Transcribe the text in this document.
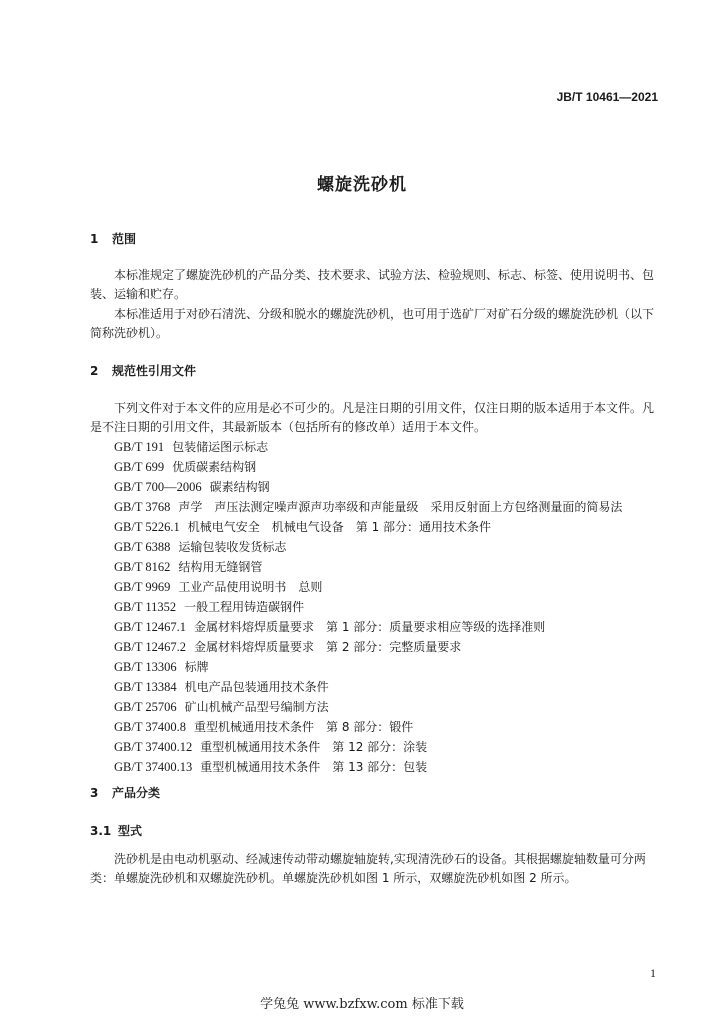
JB/T 10461—2021
螺旋洗砂机
1 范围
本标准规定了螺旋洗砂机的产品分类、技术要求、试验方法、检验规则、标志、标签、使用说明书、包装、运输和贮存。
本标准适用于对砂石清洗、分级和脱水的螺旋洗砂机，也可用于选矿厂对矿石分级的螺旋洗砂机（以下简称洗砂机）。
2 规范性引用文件
下列文件对于本文件的应用是必不可少的。凡是注日期的引用文件，仅注日期的版本适用于本文件。凡是不注日期的引用文件，其最新版本（包括所有的修改单）适用于本文件。
GB/T 191 包装储运图示标志
GB/T 699 优质碳素结构钢
GB/T 700—2006 碳素结构钢
GB/T 3768 声学　声压法测定噪声源声功率级和声能量级　采用反射面上方包络测量面的简易法
GB/T 5226.1 机械电气安全　机械电气设备　第 1 部分：通用技术条件
GB/T 6388 运输包装收发货标志
GB/T 8162 结构用无缝钢管
GB/T 9969 工业产品使用说明书　总则
GB/T 11352 一般工程用铸造碳钢件
GB/T 12467.1 金属材料熔焊质量要求　第 1 部分：质量要求相应等级的选择准则
GB/T 12467.2 金属材料熔焊质量要求　第 2 部分：完整质量要求
GB/T 13306 标牌
GB/T 13384 机电产品包装通用技术条件
GB/T 25706 矿山机械产品型号编制方法
GB/T 37400.8 重型机械通用技术条件　第 8 部分：锻件
GB/T 37400.12 重型机械通用技术条件　第 12 部分：涂装
GB/T 37400.13 重型机械通用技术条件　第 13 部分：包装
3 产品分类
3.1 型式
洗砂机是由电动机驱动、经减速传动带动螺旋轴旋转,实现清洗砂石的设备。其根据螺旋轴数量可分两类：单螺旋洗砂机和双螺旋洗砂机。单螺旋洗砂机如图 1 所示，双螺旋洗砂机如图 2 所示。
1
学兔兔 www.bzfxw.com 标准下载
